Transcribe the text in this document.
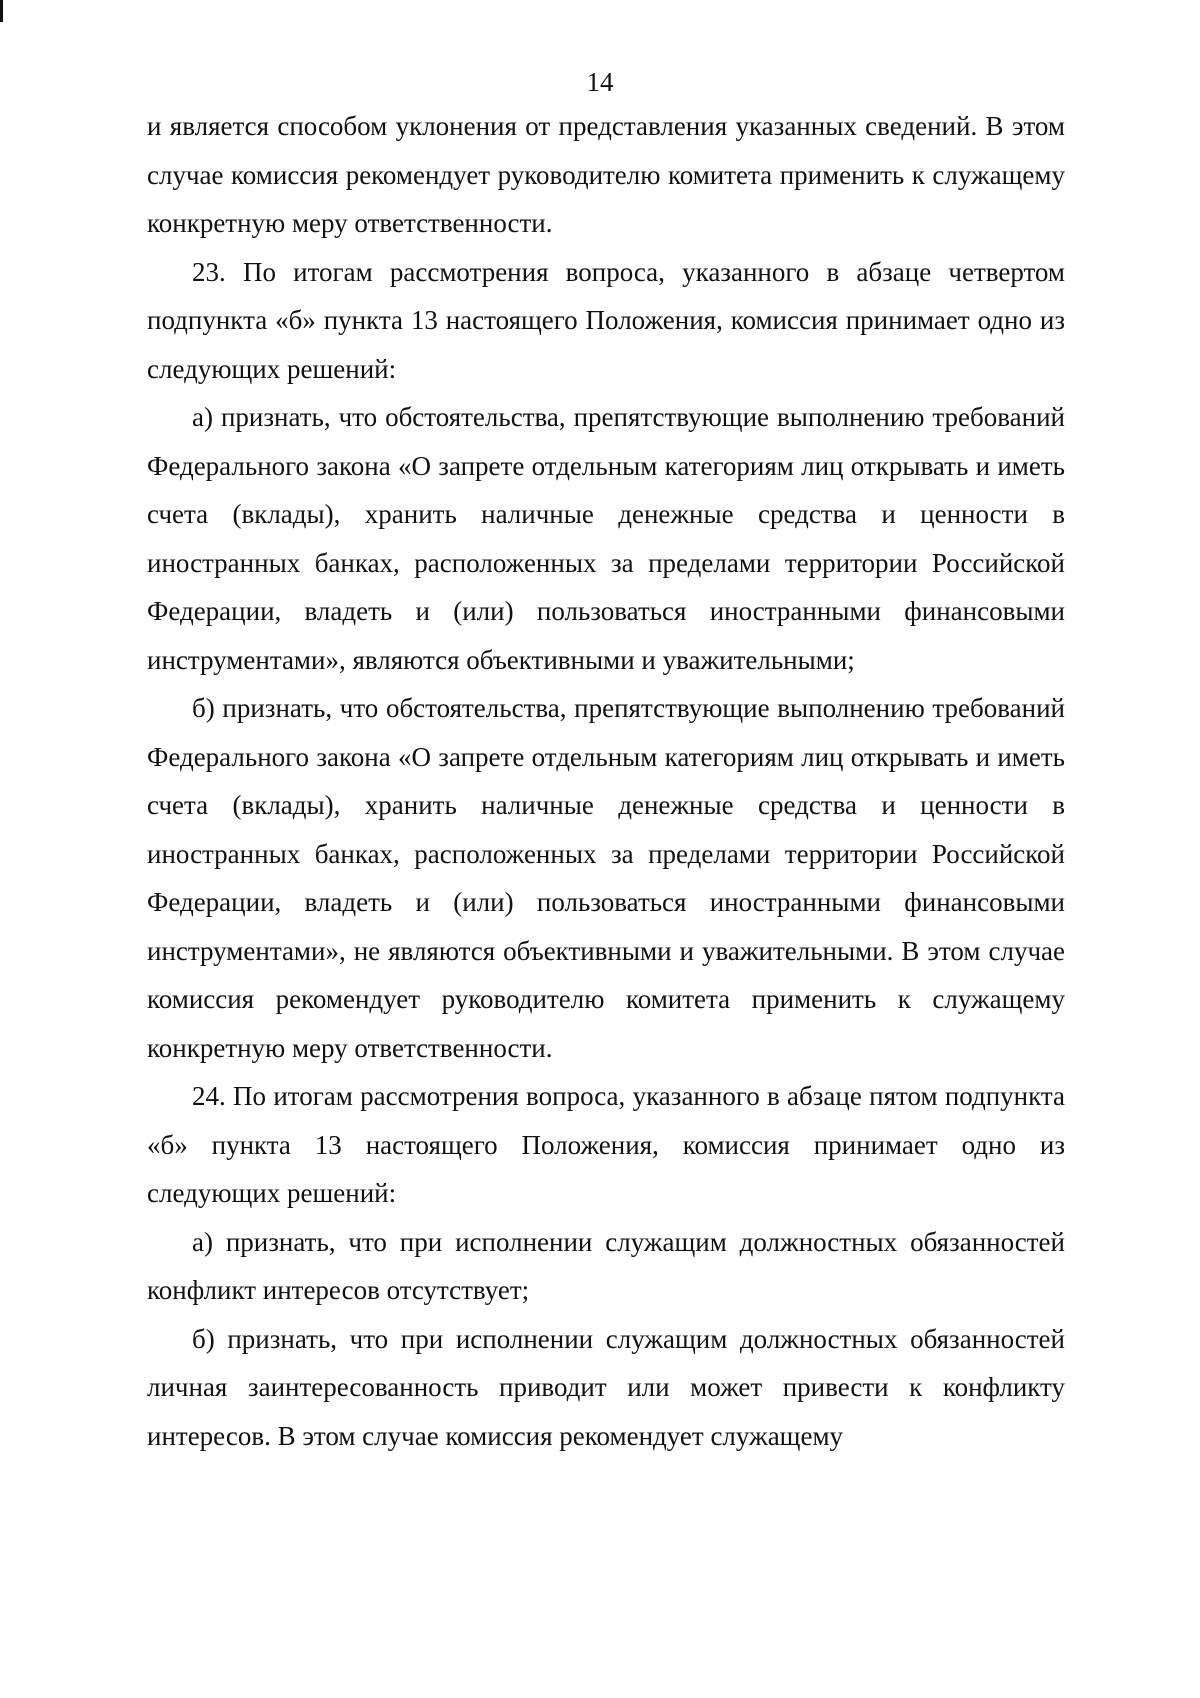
14

и является способом уклонения от представления указанных сведений. В этом случае комиссия рекомендует руководителю комитета применить к служащему конкретную меру ответственности.

23. По итогам рассмотрения вопроса, указанного в абзаце четвертом подпункта «б» пункта 13 настоящего Положения, комиссия принимает одно из следующих решений:

а) признать, что обстоятельства, препятствующие выполнению требований Федерального закона «О запрете отдельным категориям лиц открывать и иметь счета (вклады), хранить наличные денежные средства и ценности в иностранных банках, расположенных за пределами территории Российской Федерации, владеть и (или) пользоваться иностранными финансовыми инструментами», являются объективными и уважительными;

б) признать, что обстоятельства, препятствующие выполнению требований Федерального закона «О запрете отдельным категориям лиц открывать и иметь счета (вклады), хранить наличные денежные средства и ценности в иностранных банках, расположенных за пределами территории Российской Федерации, владеть и (или) пользоваться иностранными финансовыми инструментами», не являются объективными и уважительными. В этом случае комиссия рекомендует руководителю комитета применить к служащему конкретную меру ответственности.

24. По итогам рассмотрения вопроса, указанного в абзаце пятом подпункта «б» пункта 13 настоящего Положения, комиссия принимает одно из следующих решений:

а) признать, что при исполнении служащим должностных обязанностей конфликт интересов отсутствует;

б) признать, что при исполнении служащим должностных обязанностей личная заинтересованность приводит или может привести к конфликту интересов. В этом случае комиссия рекомендует служащему
